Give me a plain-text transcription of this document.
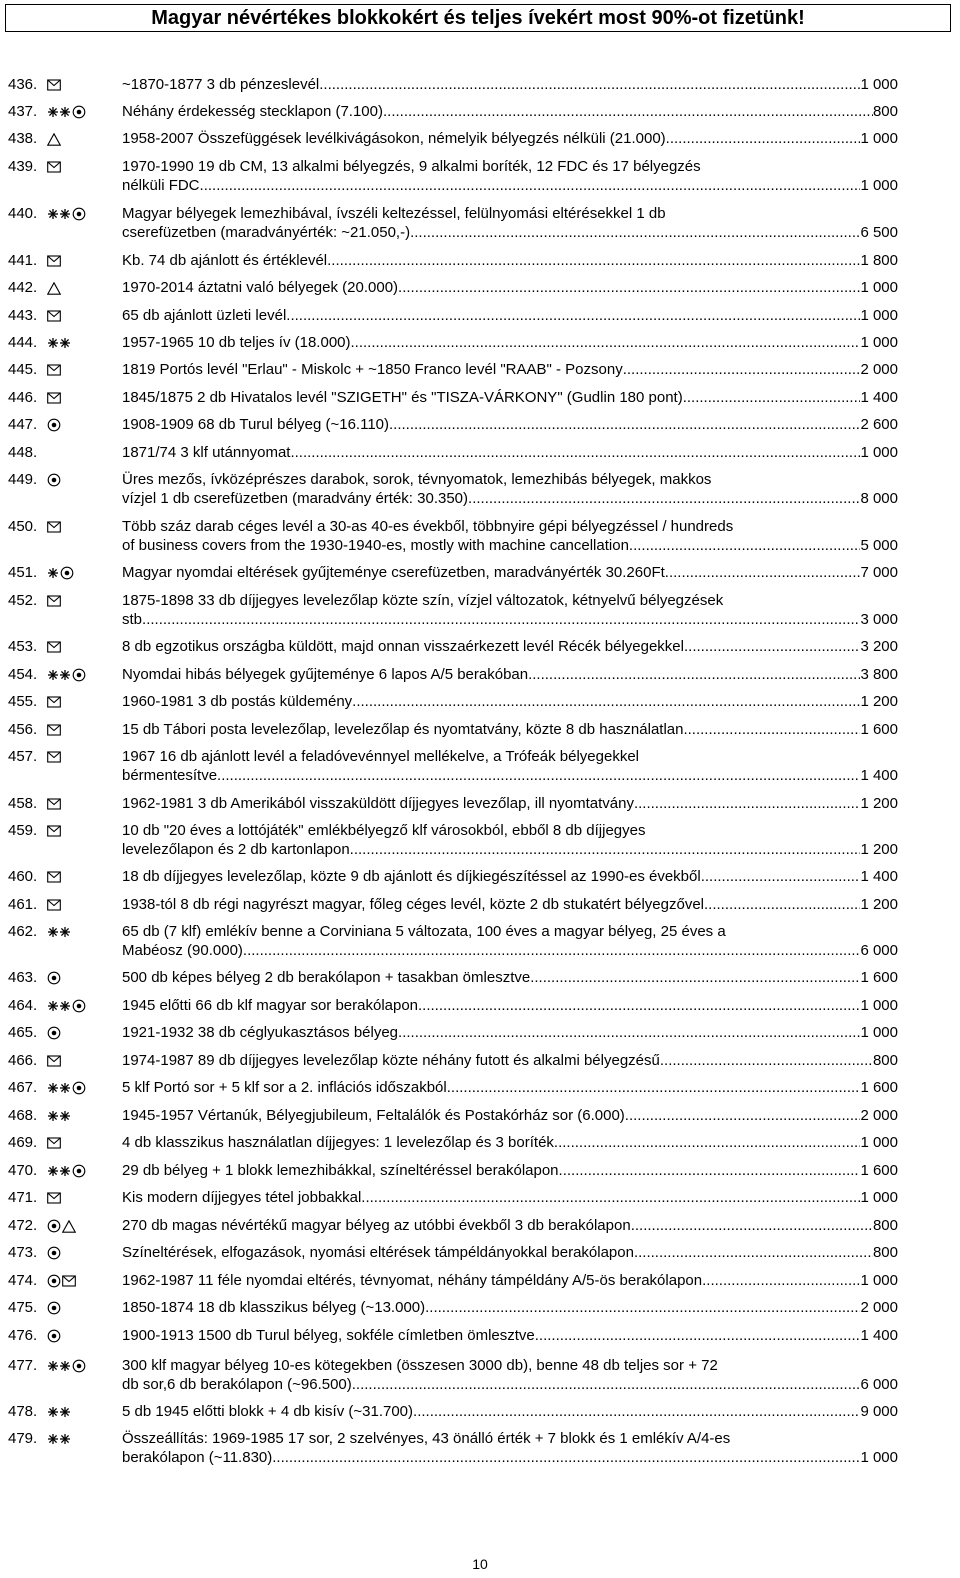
Magyar névértékes blokkokért és teljes ívekért most 90%-ot fizetünk!
436.	~1870-1877 3 db pénzeslevél .....	1 000
437.	Néhány érdekesség stecklapon (7.100). .....	800
438.	1958-2007 Összefüggések levélkivágásokon, némelyik bélyegzés nélküli (21.000). .....	1 000
439.	1970-1990 19 db CM, 13 alkalmi bélyegzés, 9 alkalmi boríték, 12 FDC és 17 bélyegzés
nélküli FDC .....	1 000
440.	Magyar bélyegek lemezhibával, ívszéli keltezéssel, felülnyomási eltérésekkel 1 db
cserefüzetben (maradványérték: ~21.050,-) .....	6 500
441.	Kb. 74 db ajánlott és értéklevél .....	1 800
442.	1970-2014 áztatni való bélyegek (20.000) .....	1 000
443.	65 db ajánlott üzleti levél .....	1 000
444.	1957-1965 10 db teljes ív (18.000) .....	1 000
445.	1819 Portós levél "Erlau" - Miskolc + ~1850 Franco levél "RAAB" - Pozsony .....	2 000
446.	1845/1875 2 db Hivatalos levél "SZIGETH" és "TISZA-VÁRKONY" (Gudlin 180 pont) .....	1 400
447.	1908-1909 68 db Turul bélyeg (~16.110) .....	2 600
448.	1871/74 3 klf utánnyomat .....	1 000
449.	Üres mezős, ívközéprészes darabok, sorok, tévnyomatok, lemezhibás bélyegek, makkos
vízjel 1 db cserefüzetben (maradvány érték: 30.350) .....	8 000
450.	Több száz darab céges levél a 30-as 40-es évekből, többnyire gépi bélyegzéssel / hundreds
of business covers from the 1930-1940-es, mostly with machine cancellation .....	5 000
451.	Magyar nyomdai eltérések gyűjteménye cserefüzetben, maradványérték 30.260Ft. .....	7 000
452.	1875-1898 33 db díjjegyes levelezőlap közte szín, vízjel változatok, kétnyelvű bélyegzések
stb. .....	3 000
453.	8 db egzotikus országba küldött, majd onnan visszaérkezett levél Récék bélyegekkel .....	3 200
454.	Nyomdai hibás bélyegek gyűjteménye 6 lapos A/5 berakóban .....	3 800
455.	1960-1981 3 db postás küldemény .....	1 200
456.	15 db Tábori posta levelezőlap, levelezőlap és nyomtatvány, közte 8 db használatlan .....	1 600
457.	1967 16 db ajánlott levél a feladóvevénnyel mellékelve, a Trófeák bélyegekkel
bérmentesítve .....	1 400
458.	1962-1981 3 db Amerikából visszaküldött díjjegyes levezőlap, ill nyomtatvány .....	1 200
459.	10 db "20 éves a lottójáték" emlékbélyegző klf városokból, ebből 8 db díjjegyes
levelezőlapon és 2 db kartonlapon .....	1 200
460.	18 db díjjegyes levelezőlap, közte 9 db ajánlott és díjkiegészítéssel az 1990-es évekből .....	1 400
461.	1938-tól 8 db régi nagyrészt magyar, főleg céges levél, közte 2 db stukatért bélyegzővel .....	1 200
462.	65 db (7 klf) emlékív benne a Corviniana 5 változata, 100 éves a magyar bélyeg, 25 éves a
Mabéosz (90.000) .....	6 000
463.	500 db képes bélyeg 2 db berakólapon + tasakban ömlesztve .....	1 600
464.	1945 előtti 66 db klf magyar sor berakólapon .....	1 000
465.	1921-1932 38 db céglyukasztásos bélyeg .....	1 000
466.	1974-1987 89 db díjjegyes levelezőlap közte néhány futott és alkalmi bélyegzésű .....	800
467.	5 klf Portó sor + 5 klf sor a 2. inflációs időszakból .....	1 600
468.	1945-1957 Vértanúk, Bélyegjubileum, Feltalálók és Postakórház sor (6.000) .....	2 000
469.	4 db klasszikus használatlan díjjegyes: 1 levelezőlap és 3 boríték .....	1 000
470.	29 db bélyeg + 1 blokk lemezhibákkal, színeltéréssel berakólapon .....	1 600
471.	Kis modern díjjegyes tétel jobbakkal .....	1 000
472.	270 db magas névértékű magyar bélyeg az utóbbi évekből 3 db berakólapon .....	800
473.	Színeltérések, elfogazások, nyomási eltérések támpéldányokkal berakólapon .....	800
474.	1962-1987 11 féle nyomdai eltérés, tévnyomat, néhány támpéldány A/5-ös berakólapon .....	1 000
475.	1850-1874 18 db klasszikus bélyeg (~13.000) .....	2 000
476.	1900-1913 1500 db Turul bélyeg, sokféle címletben ömlesztve .....	1 400
477.	300 klf magyar bélyeg 10-es kötegekben (összesen 3000 db), benne 48 db teljes sor + 72
db sor,6 db berakólapon (~96.500) .....	6 000
478.	5 db 1945 előtti blokk + 4 db kisív (~31.700) .....	9 000
479.	Összeállítás: 1969-1985 17 sor, 2 szelvényes, 43 önálló érték + 7 blokk és 1 emlékív A/4-es
berakólapon (~11.830) .....	1 000
10
